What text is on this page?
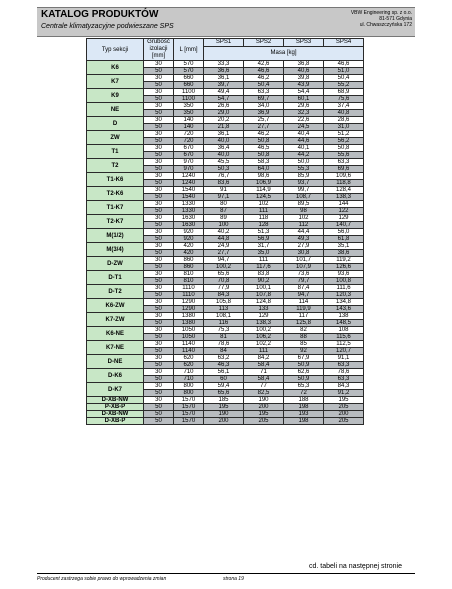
KATALOG PRODUKTÓW
Centrale klimatyzacyjne podwieszane SPS
VBW Engineering sp. z o.o.
81-571 Gdynia
ul. Chwaszczyńska 172
Typ sekcji	Grubość izolacji [mm]	L [mm]	SPS1	SPS2	SPS3	SPS4
			Masa [kg]			

K6	30	570	33,3	42,6	36,8	46,6
	50	570	36,6	46,6	40,6	51,0
K7	30	660	36,1	46,2	39,8	50,4
	50	660	39,7	50,4	43,9	55,2
K9	30	1100	49,4	63,3	54,4	68,9
	50	1100	54,7	69,7	60,1	75,6
NE	30	350	26,6	34,0	29,6	37,4
	50	350	29,0	36,9	32,3	40,8
D	30	140	20,2	25,7	22,6	28,6
	50	140	21,8	27,7	24,5	31,0
ZW	30	720	36,1	46,2	40,4	51,2
	50	720	40,0	50,8	44,6	56,2
T1	30	670	36,4	46,5	40,1	50,8
	50	670	40,0	50,8	44,2	55,6
T2	30	970	45,5	58,3	50,0	63,3
	50	970	50,3	64,0	55,3	69,6
T1-K6	30	1240	76,7	98,6	85,9	109,6
	50	1240	83,6	106,9	93,7	118,8
T2-K6	30	1540	91	114,9	99,7	128,4
	50	1540	97,1	124,5	108,7	138,3
T1-K7	30	1330	80	102	89,5	144
	50	1330	87	111	98	122
T2-K7	30	1630	89	118	102	129
	50	1630	100	128	112	140,7
M(1/2)	30	920	40,2	51,3	44,4	56,0
	50	920	44,8	56,9	49,3	61,8
M(3/4)	30	420	24,9	31,7	27,9	35,1
	50	420	27,7	35,0	30,8	38,6
D-ZW	30	860	94,7	111	101,7	119,2
	50	860	100,2	117,6	107,9	126,6
D-T1	30	810	65,6	83,8	73,6	93,6
	50	810	70,8	90,2	79,7	100,8
D-T2	30	1110	77,9	100,1	87,4	111,6
	50	1110	84,3	107,8	94,7	120,3
K6-ZW	30	1290	105,8	124,8	114	134,8
	50	1290	113	133	119,9	143,6
K7-ZW	30	1380	108,1	129	117	138
	50	1380	116	138,3	125,8	148,5
K6-NE	30	1050	75,3	100,2	82	108
	50	1050	81	106,2	88	115,6
K7-NE	30	1140	78,6	102,2	85	112,5
	50	1140	84	111	92	120,7
D-NE	30	620	63,2	84,2	67,9	91,1
	50	620	46,3	58,4	50,9	63,3
D-K6	30	710	56,1	71	62,6	78,6
	50	710	60	58,4	50,9	63,3
D-K7	30	800	59,4	77	65,3	84,3
	50	800	65,6	82,5	72	91,2
D-XB-NW	30	1570	185	190	188	195
P-XB-P	50	1570	195	200	198	205
D-XB-NW	50	1570	190	195	193	200
D-XB-P	50	1570	200	205	198	205
cd. tabeli na następnej stronie
Producent zastrzega sobie prawo do wprowadzenia zmian	strona 19
